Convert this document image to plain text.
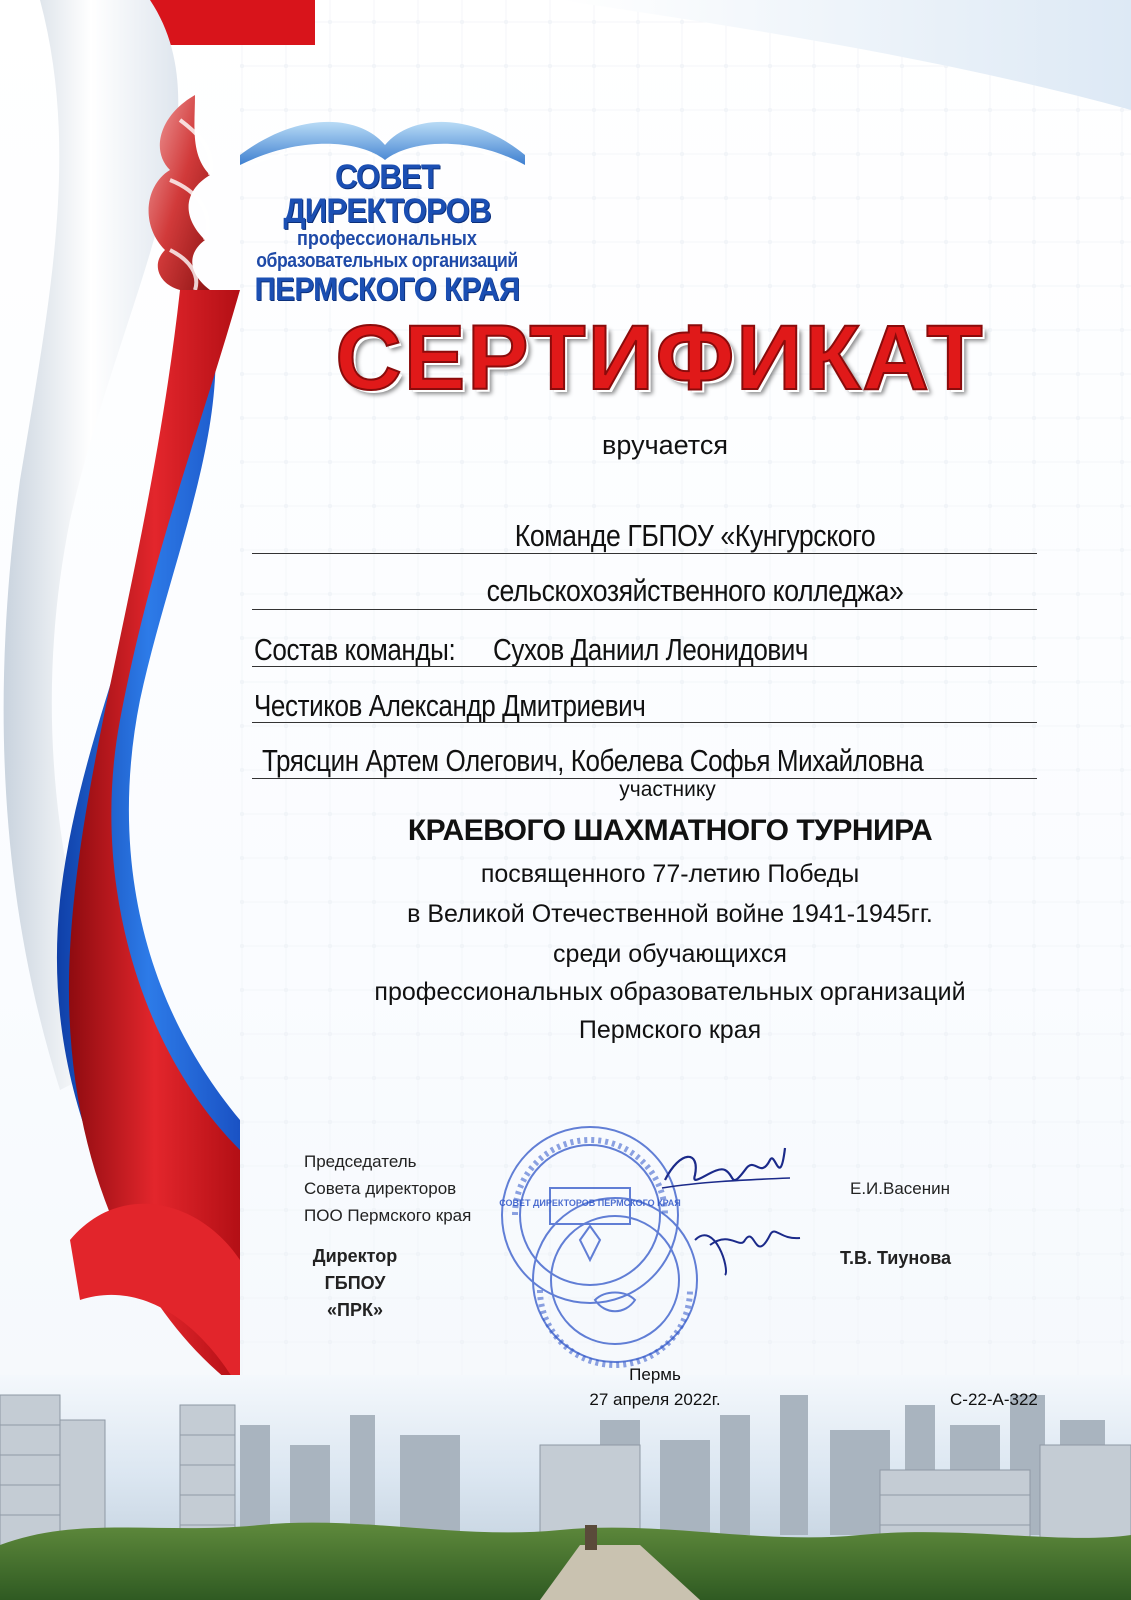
СОВЕТ ДИРЕКТОРОВ
профессиональных
образовательных организаций
ПЕРМСКОГО КРАЯ
СЕРТИФИКАТ
вручается
Команде ГБПОУ «Кунгурского
сельскохозяйственного колледжа»
Состав команды: Сухов Даниил Леонидович
Честиков Александр Дмитриевич
Трясцин Артем Олегович, Кобелева Софья Михайловна
участнику
КРАЕВОГО ШАХМАТНОГО ТУРНИРА
посвященного 77-летию Победы
в Великой Отечественной войне 1941-1945гг.
среди обучающихся
профессиональных образовательных организаций
Пермского края
СОВЕТ ДИРЕКТОРОВ ПЕРМСКОГО КРАЯ
Председатель
Совета директоров
ПОО Пермского края
Е.И.Васенин
Директор
ГБПОУ «ПРК»
Т.В. Тиунова
Пермь
27 апреля 2022г.	С-22-А-322
